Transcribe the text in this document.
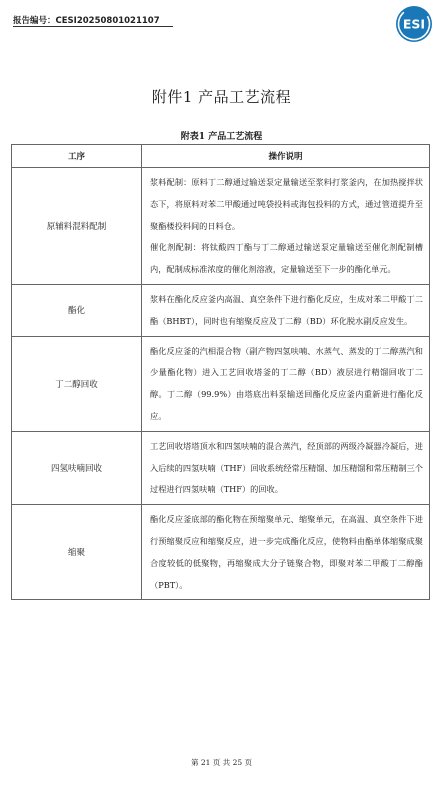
报告编号：CESI20250801021107	ESI
附件1 产品工艺流程
附表1 产品工艺流程
工序	操作说明
原辅料混料配制	浆料配制：原料丁二醇通过输送泵定量输送至浆料打浆釜内，在加热搅拌状态下，将原料对苯二甲酸通过吨袋投料或海包投料的方式，通过管道提升至聚酯楼投料间的日料仓。

催化剂配制：将钛酸四丁酯与丁二醇通过输送泵定量输送至催化剂配制槽内，配制成标准浓度的催化剂溶液，定量输送至下一步的酯化单元。

酯化	浆料在酯化反应釜内高温、真空条件下进行酯化反应，生成对苯二甲酸丁二酯（BHBT），同时也有缩聚反应及丁二醇（BD）环化脱水副反应发生。

丁二醇回收	酯化反应釜的汽相混合物（副产物四氢呋喃、水蒸气、蒸发的丁二醇蒸汽和少量酯化物）进入工艺回收塔釜的丁二醇（BD）液层进行精馏回收丁二醇。丁二醇（99.9%）由塔底出料泵输送回酯化反应釜内重新进行酯化反应。

四氢呋喃回收	工艺回收塔塔顶水和四氢呋喃的混合蒸汽，经顶部的两级冷凝器冷凝后，进入后续的四氢呋喃（THF）回收系统经常压精馏、加压精馏和常压精制三个过程进行四氢呋喃（THF）的回收。

缩聚	酯化反应釜底部的酯化物在预缩聚单元、缩聚单元，在高温、真空条件下进行预缩聚反应和缩聚反应，进一步完成酯化反应，使物料由酯单体缩聚成聚合度较低的低聚物，再缩聚成大分子链聚合物，即聚对苯二甲酸丁二醇酯（PBT）。

第 21 页 共 25 页
